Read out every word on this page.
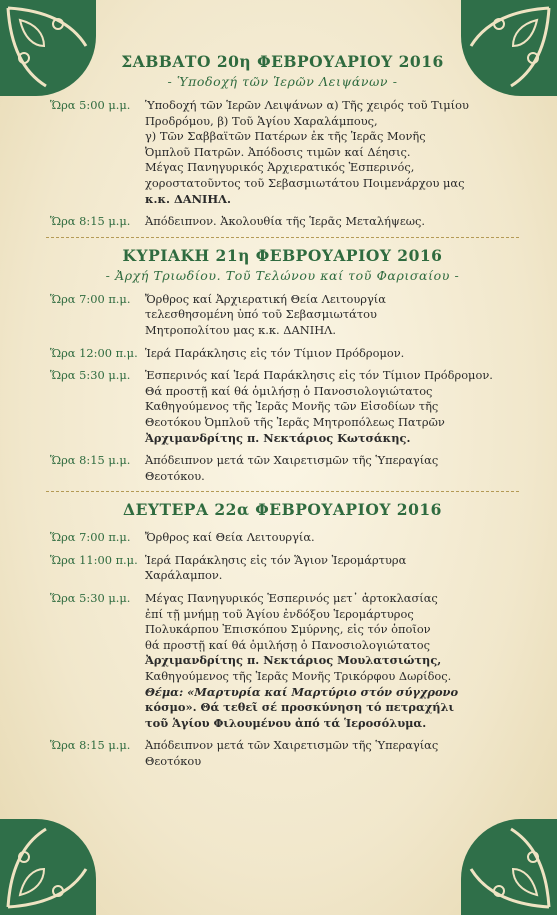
ΣΑΒΒΑΤΟ 20η ΦΕΒΡΟΥΑΡΙΟΥ 2016
- Ὑποδοχή τῶν Ἱερῶν Λειψάνων -
Ὥρα 5:00 μ.μ.	Ὑποδοχή τῶν Ἱερῶν Λειψάνων α) Τῆς χειρός τοῦ Τιμίου
Προδρόμου, β) Τοῦ Ἁγίου Χαραλάμπους,
γ) Τῶν Σαββαϊτῶν Πατέρων ἐκ τῆς Ἱερᾶς Μονῆς
Ὀμπλοῦ Πατρῶν. Ἀπόδοσις τιμῶν καί Δέησις.
Μέγας Πανηγυρικός Ἀρχιερατικός Ἑσπερινός,
χοροστατοῦντος τοῦ Σεβασμιωτάτου Ποιμενάρχου μας
κ.κ. ΔΑΝΙΗΛ.
Ὥρα 8:15 μ.μ.	Ἀπόδειπνον. Ἀκολουθία τῆς Ἱερᾶς Μεταλήψεως.
ΚΥΡΙΑΚΗ 21η ΦΕΒΡΟΥΑΡΙΟΥ 2016
- Ἀρχή Τριωδίου. Τοῦ Τελώνου καί τοῦ Φαρισαίου -
Ὥρα 7:00 π.μ.	Ὄρθρος καί Ἀρχιερατική Θεία Λειτουργία
τελεσθησομένη ὑπό τοῦ Σεβασμιωτάτου
Μητροπολίτου μας κ.κ. ΔΑΝΙΗΛ.
Ὥρα 12:00 π.μ. Ἱερά Παράκλησις εἰς τόν Τίμιον Πρόδρομον.
Ὥρα 5:30 μ.μ.	Ἑσπερινός καί Ἱερά Παράκλησις εἰς τόν Τίμιον Πρόδρομον.
Θά προστῇ καί θά ὁμιλήσῃ ὁ Πανοσιολογιώτατος
Καθηγούμενος τῆς Ἱερᾶς Μονῆς τῶν Εἰσοδίων τῆς
Θεοτόκου Ὀμπλοῦ τῆς Ἱερᾶς Μητροπόλεως Πατρῶν
Ἀρχιμανδρίτης π. Νεκτάριος Κωτσάκης.
Ὥρα 8:15 μ.μ.	Ἀπόδειπνον μετά τῶν Χαιρετισμῶν τῆς Ὑπεραγίας
Θεοτόκου.
ΔΕΥΤΕΡΑ 22α ΦΕΒΡΟΥΑΡΙΟΥ 2016
Ὥρα 7:00 π.μ.	Ὄρθρος καί Θεία Λειτουργία.
Ὥρα 11:00 π.μ. Ἱερά Παράκλησις εἰς τόν Ἅγιον Ἱερομάρτυρα
Χαράλαμπον.
Ὥρα 5:30 μ.μ.	Μέγας Πανηγυρικός Ἑσπερινός μετ᾽ ἀρτοκλασίας
ἐπί τῇ μνήμῃ τοῦ Ἁγίου ἐνδόξου Ἱερομάρτυρος
Πολυκάρπου Ἐπισκόπου Σμύρνης, εἰς τόν ὁποῖον
θά προστῇ καί θά ὁμιλήσῃ ὁ Πανοσιολογιώτατος
Ἀρχιμανδρίτης π. Νεκτάριος Μουλατσιώτης,
Καθηγούμενος τῆς Ἱερᾶς Μονῆς Τρικόρφου Δωρίδος.
Θέμα: «Μαρτυρία καί Μαρτύριο στόν σύγχρονο
κόσμο». Θά τεθεῖ σέ προσκύνηση τό πετραχήλι
τοῦ Ἁγίου Φιλουμένου ἀπό τά Ἱεροσόλυμα.
Ὥρα 8:15 μ.μ.	Ἀπόδειπνον μετά τῶν Χαιρετισμῶν τῆς Ὑπεραγίας
Θεοτόκου
